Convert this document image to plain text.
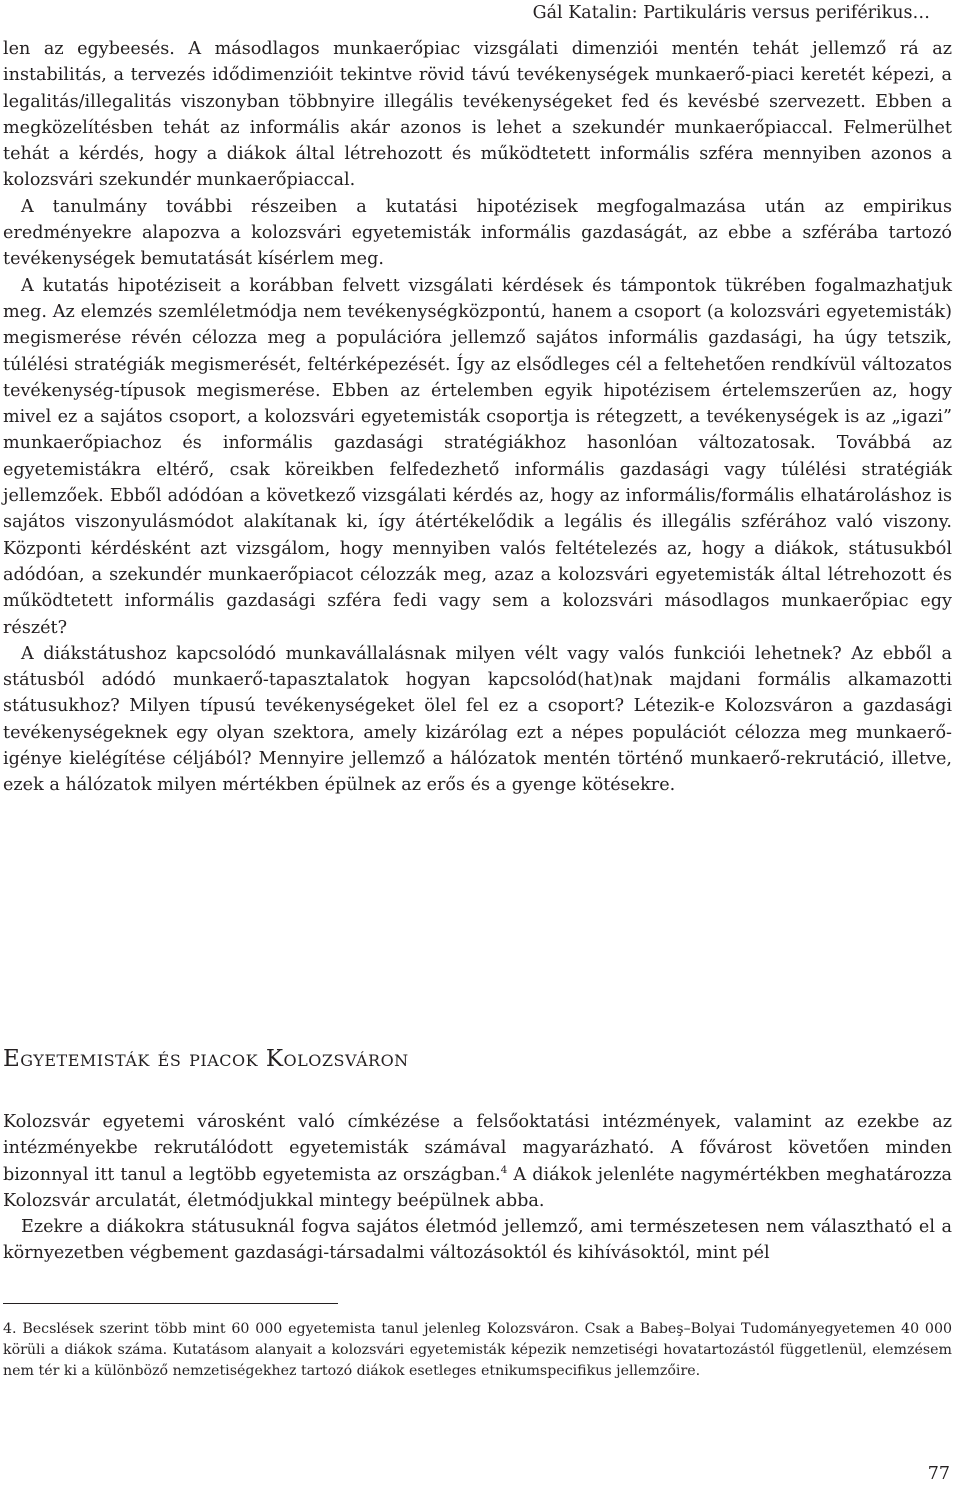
Gál Katalin: Partikuláris versus periférikus…

len az egybeesés. A másodlagos munkaerőpiac vizsgálati dimenziói mentén tehát jellemző rá az instabilitás, a tervezés idődimenzióit tekintve rövid távú tevékenységek munkaerő-piaci keretét képezi, a legalitás/illegalitás viszonyban többnyire illegális tevékenységeket fed és kevésbé szervezett. Ebben a megközelítésben tehát az informális akár azonos is lehet a szekundér munkaerőpiaccal. Felmerülhet tehát a kérdés, hogy a diákok által létrehozott és működtetett informális szféra mennyiben azonos a kolozsvári szekundér munkaerőpiaccal.

A tanulmány további részeiben a kutatási hipotézisek megfogalmazása után az empirikus eredményekre alapozva a kolozsvári egyetemisták informális gazdaságát, az ebbe a szférába tartozó tevékenységek bemutatását kísérlem meg.

A kutatás hipotéziseit a korábban felvett vizsgálati kérdések és támpontok tükrében fogalmazhatjuk meg. Az elemzés szemléletmódja nem tevékenységközpontú, hanem a csoport (a kolozsvári egyetemisták) megismerése révén célozza meg a populációra jellemző sajátos informális gazdasági, ha úgy tetszik, túlélési stratégiák megismerését, feltérképezését. Így az elsődleges cél a feltehetően rendkívül változatos tevékenység-típusok megismerése. Ebben az értelemben egyik hipotézisem értelemszerűen az, hogy mivel ez a sajátos csoport, a kolozsvári egyetemisták csoportja is rétegzett, a tevékenységek is az „igazi” munkaerőpiachoz és informális gazdasági stratégiákhoz hasonlóan változatosak. Továbbá az egyetemistákra eltérő, csak köreikben felfedezhető informális gazdasági vagy túlélési stratégiák jellemzőek. Ebből adódóan a következő vizsgálati kérdés az, hogy az informális/formális elhatároláshoz is sajátos viszonyulásmódot alakítanak ki, így átértékelődik a legális és illegális szférához való viszony. Központi kérdésként azt vizsgálom, hogy mennyiben valós feltételezés az, hogy a diákok, státusukból adódóan, a szekundér munkaerőpiacot célozzák meg, azaz a kolozsvári egyetemisták által létrehozott és működtetett informális gazdasági szféra fedi vagy sem a kolozsvári másodlagos munkaerőpiac egy részét?

A diákstátushoz kapcsolódó munkavállalásnak milyen vélt vagy valós funkciói lehetnek? Az ebből a státusból adódó munkaerő-tapasztalatok hogyan kapcsolód(hat)nak majdani formális alkamazotti státusukhoz? Milyen típusú tevékenységeket ölel fel ez a csoport? Létezik-e Kolozsváron a gazdasági tevékenységeknek egy olyan szektora, amely kizárólag ezt a népes populációt célozza meg munkaerő-igénye kielégítése céljából? Mennyire jellemző a hálózatok mentén történő munkaerő-rekrutáció, illetve, ezek a hálózatok milyen mértékben épülnek az erős és a gyenge kötésekre.

Egyetemisták és piacok Kolozsváron

Kolozsvár egyetemi városként való címkézése a felsőoktatási intézmények, valamint az ezekbe az intézményekbe rekrutálódott egyetemisták számával magyarázható. A fővárost követően minden bizonnyal itt tanul a legtöbb egyetemista az országban.$^4$ A diákok jelenléte nagymértékben meghatározza Kolozsvár arculatát, életmódjukkal mintegy beépülnek abba.

Ezekre a diákokra státusuknál fogva sajátos életmód jellemző, ami természetesen nem választható el a környezetben végbement gazdasági-társadalmi változásoktól és kihívásoktól, mint pél

4. Becslések szerint több mint 60 000 egyetemista tanul jelenleg Kolozsváron. Csak a Babeş–Bolyai Tudományegyetemen 40 000 körüli a diákok száma. Kutatásom alanyait a kolozsvári egyetemisták képezik nemzetiségi hovatartozástól függetlenül, elemzésem nem tér ki a különböző nemzetiségekhez tartozó diákok esetleges etnikumspecifikus jellemzőire.

77
